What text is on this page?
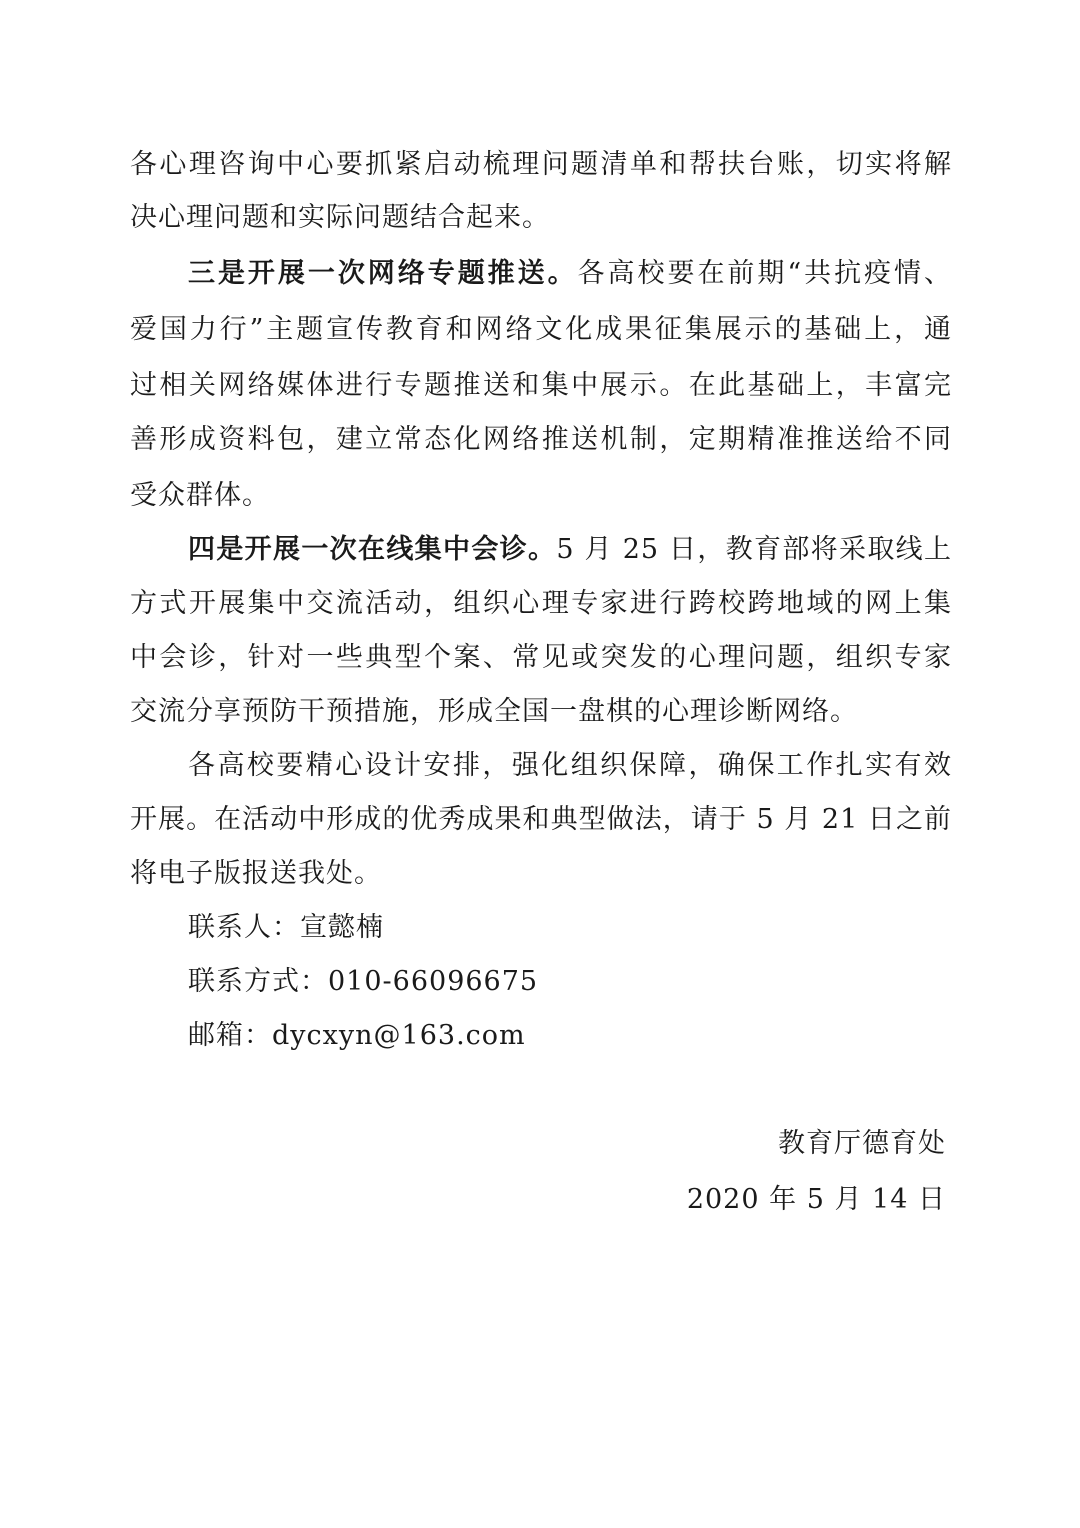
各心理咨询中心要抓紧启动梳理问题清单和帮扶台账，切实将解
决心理问题和实际问题结合起来。
三是开展一次网络专题推送。各高校要在前期“共抗疫情、
爱国力行”主题宣传教育和网络文化成果征集展示的基础上，通
过相关网络媒体进行专题推送和集中展示。在此基础上，丰富完
善形成资料包，建立常态化网络推送机制，定期精准推送给不同
受众群体。
四是开展一次在线集中会诊。5 月 25 日，教育部将采取线上
方式开展集中交流活动，组织心理专家进行跨校跨地域的网上集
中会诊，针对一些典型个案、常见或突发的心理问题，组织专家
交流分享预防干预措施，形成全国一盘棋的心理诊断网络。
各高校要精心设计安排，强化组织保障，确保工作扎实有效
开展。在活动中形成的优秀成果和典型做法，请于 5 月 21 日之前
将电子版报送我处。
联系人：宣懿楠
联系方式：010-66096675
邮箱：dycxyn@163.com
教育厅德育处
2020 年 5 月 14 日
